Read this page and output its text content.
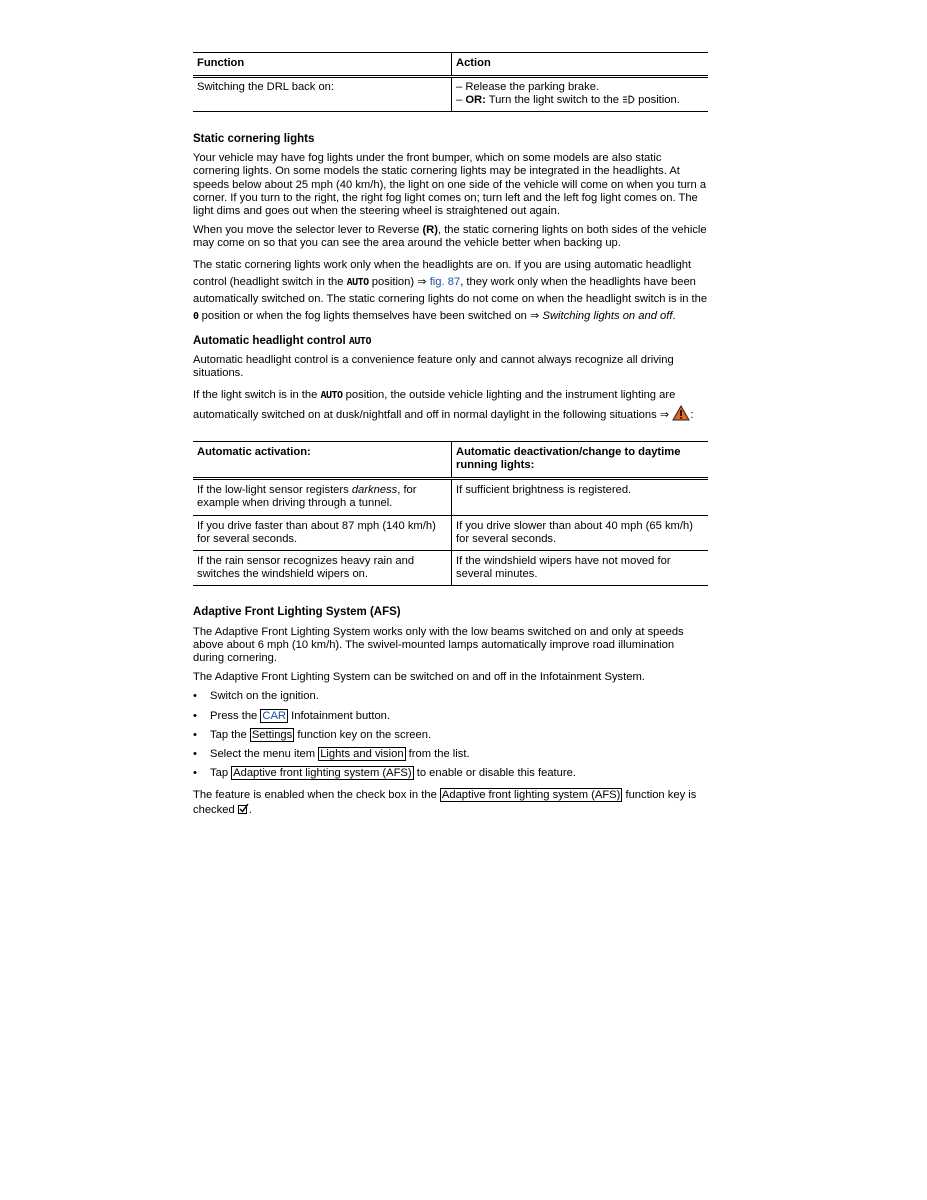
Function	Action
Switching the DRL back on:	– Release the parking brake.
– OR: Turn the light switch to the  position.
Static cornering lights

Your vehicle may have fog lights under the front bumper, which on some models are also static cornering lights. On some models the static cornering lights may be integrated in the headlights. At speeds below about 25 mph (40 km/h), the light on one side of the vehicle will come on when you turn a corner. If you turn to the right, the right fog light comes on; turn left and the left fog light comes on. The light dims and goes out when the steering wheel is straightened out again.

When you move the selector lever to Reverse (R), the static cornering lights on both sides of the vehicle may come on so that you can see the area around the vehicle better when backing up.

The static cornering lights work only when the headlights are on. If you are using automatic headlight control (headlight switch in the AUTO position) ⇒ fig. 87, they work only when the headlights have been automatically switched on. The static cornering lights do not come on when the headlight switch is in the 0 position or when the fog lights themselves have been switched on ⇒ Switching lights on and off.

Automatic headlight control AUTO

Automatic headlight control is a convenience feature only and cannot always recognize all driving situations.

If the light switch is in the AUTO position, the outside vehicle lighting and the instrument lighting are automatically switched on at dusk/nightfall and off in normal daylight in the following situations ⇒ :

Automatic activation:	Automatic deactivation/change to daytime running lights:
If the low-light sensor registers darkness, for example when driving through a tunnel.	If sufficient brightness is registered.
If you drive faster than about 87 mph (140 km/h) for several seconds.	If you drive slower than about 40 mph (65 km/h) for several seconds.
If the rain sensor recognizes heavy rain and switches the windshield wipers on.	If the windshield wipers have not moved for several minutes.
Adaptive Front Lighting System (AFS)

The Adaptive Front Lighting System works only with the low beams switched on and only at speeds above about 6 mph (10 km/h). The swivel-mounted lamps automatically improve road illumination during cornering.

The Adaptive Front Lighting System can be switched on and off in the Infotainment System.

• Switch on the ignition.
• Press the CAR Infotainment button.
• Tap the Settings function key on the screen.
• Select the menu item Lights and vision from the list.
• Tap Adaptive front lighting system (AFS) to enable or disable this feature.

The feature is enabled when the check box in the Adaptive front lighting system (AFS) function key is checked .
